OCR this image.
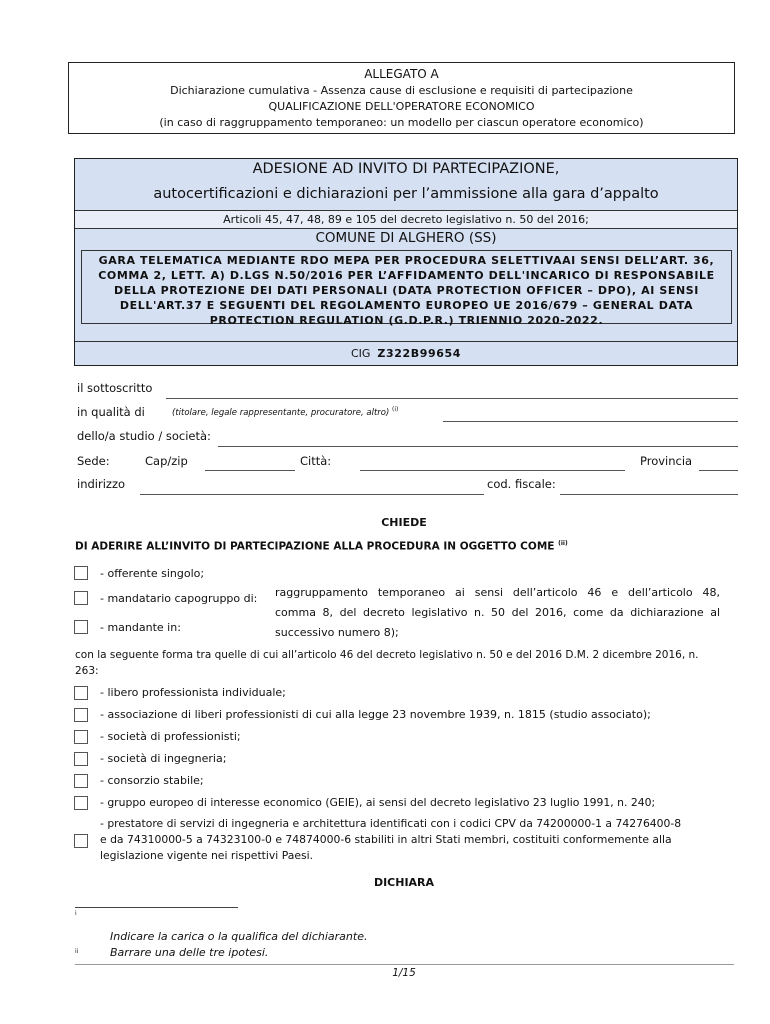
ALLEGATO A
Dichiarazione cumulativa - Assenza cause di esclusione e requisiti di partecipazione
QUALIFICAZIONE DELL'OPERATORE ECONOMICO
(in caso di raggruppamento temporaneo: un modello per ciascun operatore economico)
ADESIONE AD INVITO DI PARTECIPAZIONE,
autocertificazioni e dichiarazioni per l’ammissione alla gara d’appalto
Articoli 45, 47, 48, 89 e 105 del decreto legislativo n. 50 del 2016;
COMUNE DI ALGHERO (SS)
GARA TELEMATICA MEDIANTE RDO MEPA PER PROCEDURA SELETTIVAAI SENSI DELL’ART. 36, COMMA 2, LETT. A) D.LGS N.50/2016 PER L’AFFIDAMENTO DELL'INCARICO DI RESPONSABILE DELLA PROTEZIONE DEI DATI PERSONALI (DATA PROTECTION OFFICER – DPO), AI SENSI DELL'ART.37 E SEGUENTI DEL REGOLAMENTO EUROPEO UE 2016/679 – GENERAL DATA PROTECTION REGULATION (G.D.P.R.) TRIENNIO 2020-2022.
CIG Z322B99654
il sottoscritto
in qualità di	(titolare, legale rappresentante, procuratore, altro) $^{(i)}$
dello/a studio / società:
Sede:	Cap/zip	Città:	Provincia
indirizzo	cod. fiscale:
CHIEDE
DI ADERIRE ALL’INVITO DI PARTECIPAZIONE ALLA PROCEDURA IN OGGETTO COME $^{(ii)}$
- offerente singolo;
- mandatario capogruppo di:
- mandante in:
raggruppamento temporaneo ai sensi dell’articolo 46 e dell’articolo 48,
comma 8, del decreto legislativo n. 50 del 2016, come da dichiarazione al
successivo numero 8);
con la seguente forma tra quelle di cui all’articolo 46 del decreto legislativo n. 50 e del 2016 D.M. 2 dicembre 2016, n.
263:
- libero professionista individuale;
- associazione di liberi professionisti di cui alla legge 23 novembre 1939, n. 1815 (studio associato);
- società di professionisti;
- società di ingegneria;
- consorzio stabile;
- gruppo europeo di interesse economico (GEIE), ai sensi del decreto legislativo 23 luglio 1991, n. 240;
- prestatore di servizi di ingegneria e architettura identificati con i codici CPV da 74200000-1 a 74276400-8
e da 74310000-5 a 74323100-0 e 74874000-6 stabiliti in altri Stati membri, costituiti conformemente alla
legislazione vigente nei rispettivi Paesi.
DICHIARA
i
Indicare la carica o la qualifica del dichiarante.
ii	Barrare una delle tre ipotesi.
1/15
